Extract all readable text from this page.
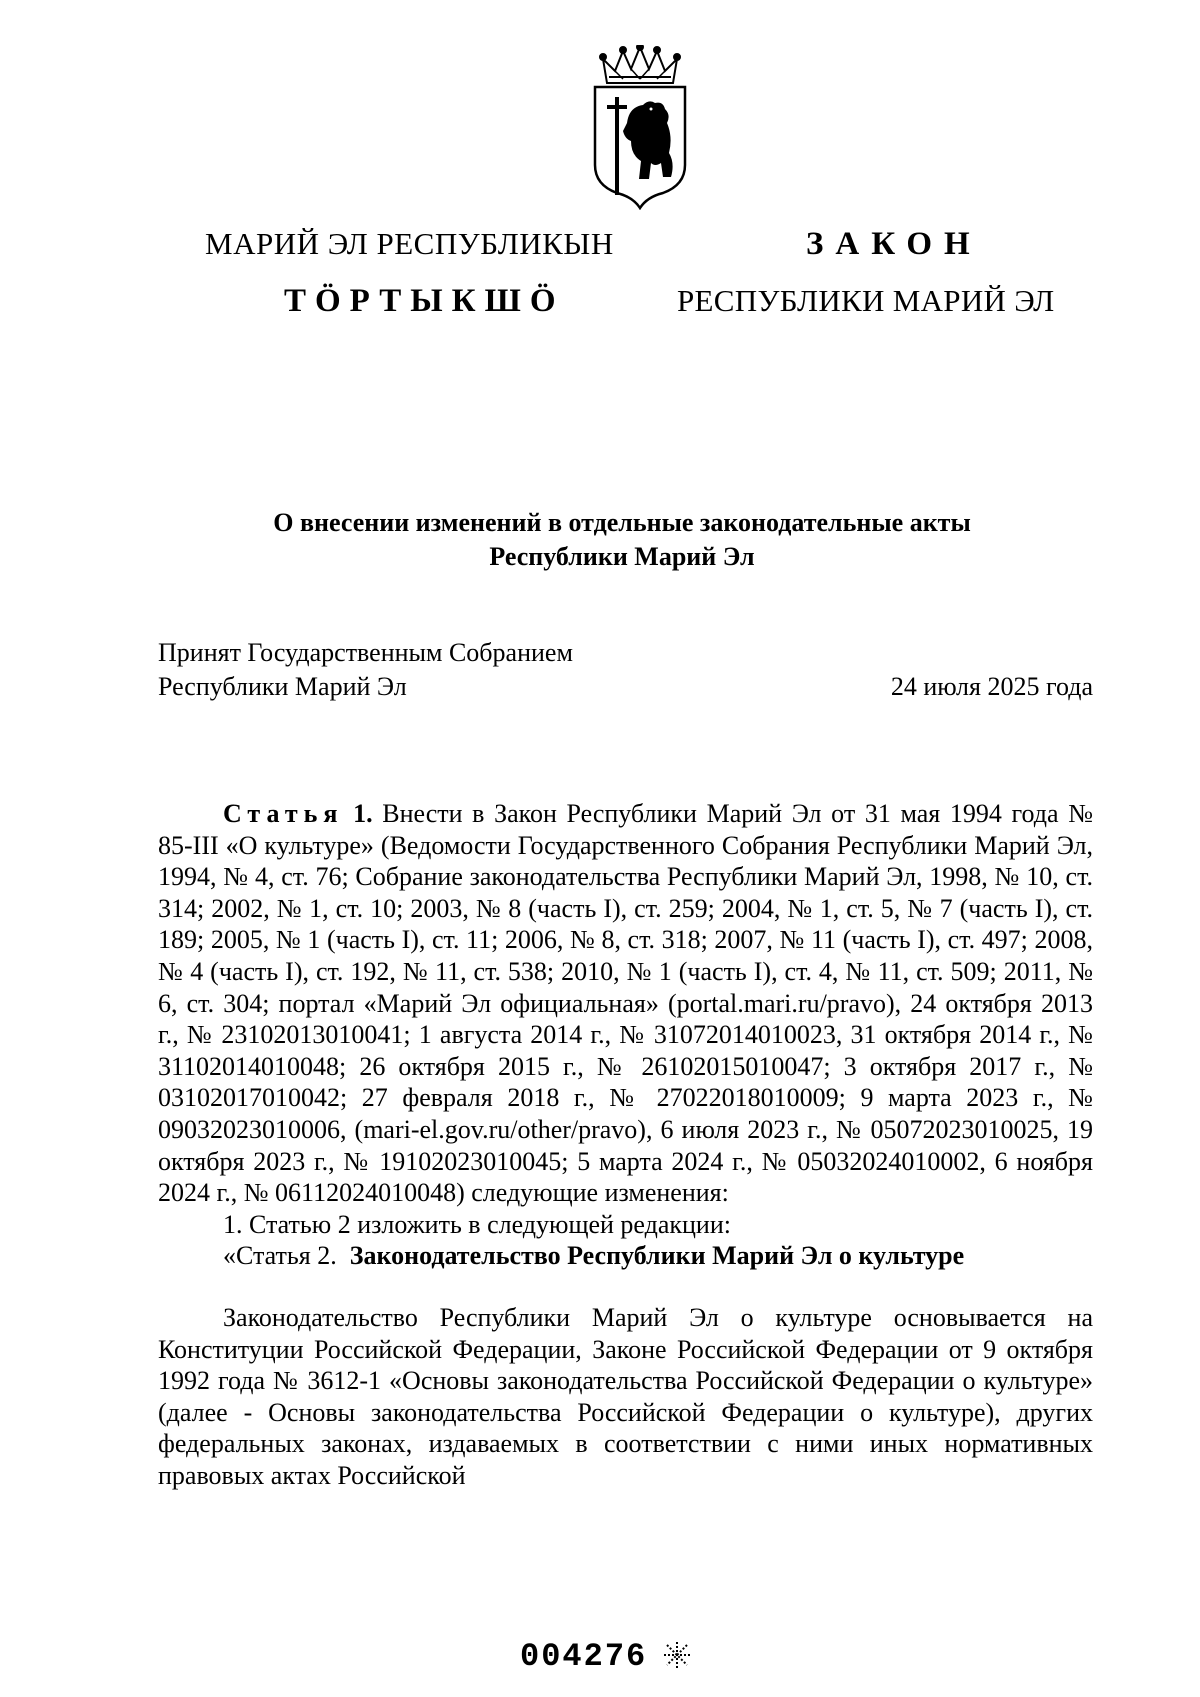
МАРИЙ ЭЛ РЕСПУБЛИКЫН
ТӦРТЫКШӦ
ЗАКОН
РЕСПУБЛИКИ МАРИЙ ЭЛ
О внесении изменений в отдельные законодательные акты
Республики Марий Эл
Принят Государственным Собранием
Республики Марий Эл	24 июля 2025 года

Статья 1. Внести в Закон Республики Марий Эл от 31 мая 1994 года № 85-III «О культуре» (Ведомости Государственного Собрания Республики Марий Эл, 1994, № 4, ст. 76; Собрание законодательства Республики Марий Эл, 1998, № 10, ст. 314; 2002, № 1, ст. 10; 2003, № 8 (часть I), ст. 259; 2004, № 1, ст. 5, № 7 (часть I), ст. 189; 2005, № 1 (часть I), ст. 11; 2006, № 8, ст. 318; 2007, № 11 (часть I), ст. 497; 2008, № 4 (часть I), ст. 192, № 11, ст. 538; 2010, № 1 (часть I), ст. 4, № 11, ст. 509; 2011, № 6, ст. 304; портал «Марий Эл официальная» (portal.mari.ru/pravo), 24 октября 2013 г., № 23102013010041; 1 августа 2014 г., № 31072014010023, 31 октября 2014 г., № 31102014010048; 26 октября 2015 г., № 26102015010047; 3 октября 2017 г., № 03102017010042; 27 февраля 2018 г., № 27022018010009; 9 марта 2023 г., № 09032023010006, (mari-el.gov.ru/other/pravo), 6 июля 2023 г., № 05072023010025, 19 октября 2023 г., № 19102023010045; 5 марта 2024 г., № 05032024010002, 6 ноября 2024 г., № 06112024010048) следующие изменения:

1. Статью 2 изложить в следующей редакции:

«Статья 2. Законодательство Республики Марий Эл о культуре

Законодательство Республики Марий Эл о культуре основывается на Конституции Российской Федерации, Законе Российской Федерации от 9 октября 1992 года № 3612-1 «Основы законодательства Российской Федерации о культуре» (далее - Основы законодательства Российской Федерации о культуре), других федеральных законах, издаваемых в соответствии с ними иных нормативных правовых актах Российской

004276
